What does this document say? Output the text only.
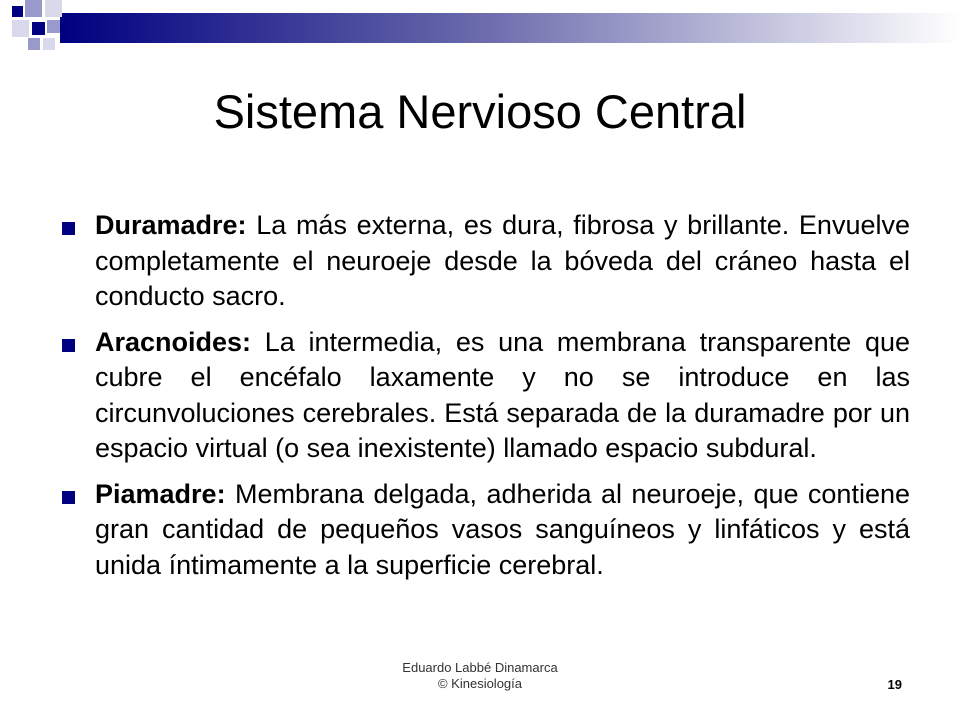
Sistema Nervioso Central
Duramadre: La más externa, es dura, fibrosa y brillante. Envuelve completamente el neuroeje desde la bóveda del cráneo hasta el conducto sacro.
Aracnoides: La intermedia, es una membrana transparente que cubre el encéfalo laxamente y no se introduce en las circunvoluciones cerebrales. Está separada de la duramadre por un espacio virtual (o sea inexistente) llamado espacio subdural.
Piamadre: Membrana delgada, adherida al neuroeje, que contiene gran cantidad de pequeños vasos sanguíneos y linfáticos y está unida íntimamente a la superficie cerebral.
Eduardo Labbé Dinamarca
© Kinesiología	19
